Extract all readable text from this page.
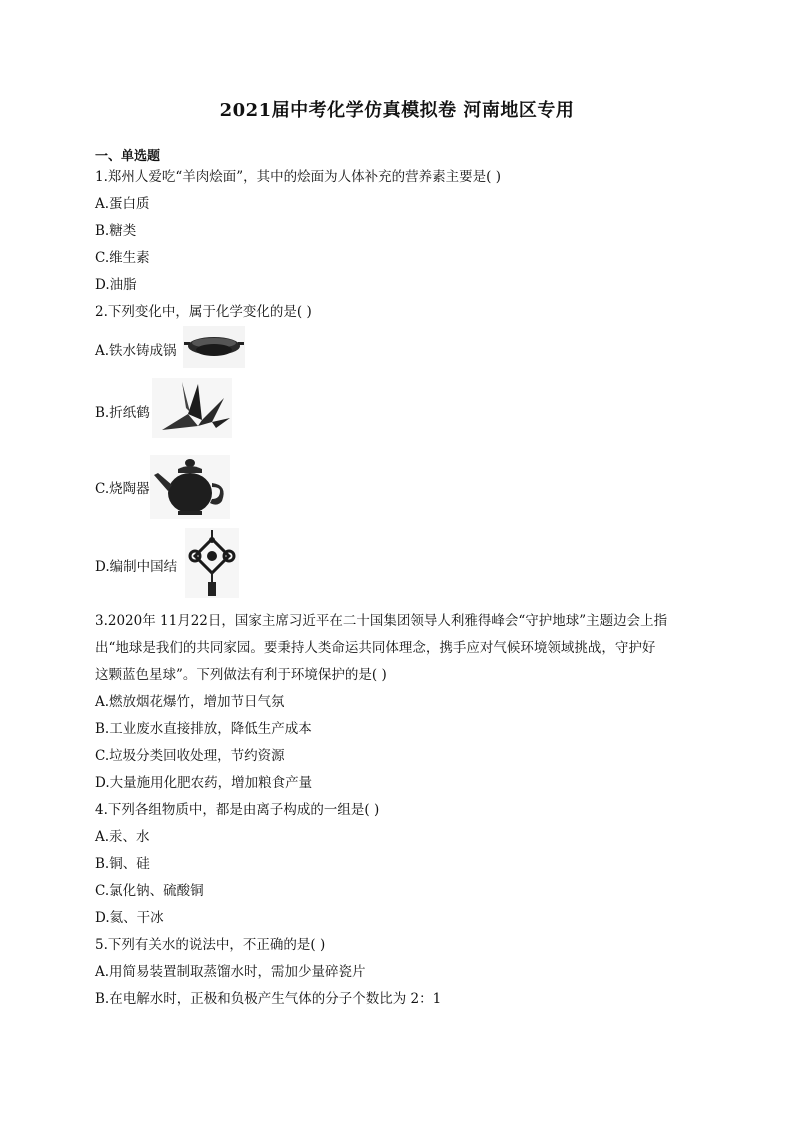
2021届中考化学仿真模拟卷 河南地区专用
一、单选题
1.郑州人爱吃“羊肉烩面”，其中的烩面为人体补充的营养素主要是( )
A.蛋白质
B.糖类
C.维生素
D.油脂
2.下列变化中，属于化学变化的是( )
A.铁水铸成锅
B.折纸鹤
C.烧陶器
D.编制中国结
3.2020年 11月22日，国家主席习近平在二十国集团领导人利雅得峰会“守护地球”主题边会上指
出“地球是我们的共同家园。要秉持人类命运共同体理念，携手应对气候环境领域挑战，守护好
这颗蓝色星球”。下列做法有利于环境保护的是( )
A.燃放烟花爆竹，增加节日气氛
B.工业废水直接排放，降低生产成本
C.垃圾分类回收处理，节约资源
D.大量施用化肥农药，增加粮食产量
4.下列各组物质中，都是由离子构成的一组是( )
A.汞、水
B.铜、硅
C.氯化钠、硫酸铜
D.氦、干冰
5.下列有关水的说法中，不正确的是( )
A.用简易装置制取蒸馏水时，需加少量碎瓷片
B.在电解水时，正极和负极产生气体的分子个数比为 2：1
